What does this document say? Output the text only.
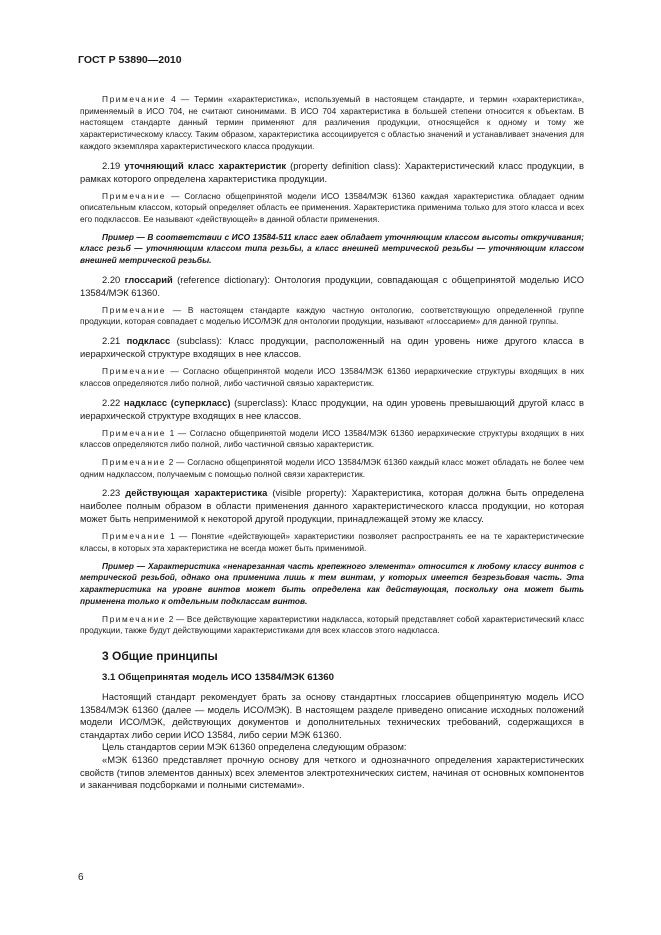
ГОСТ Р 53890—2010

Примечание 4 — Термин «характеристика», используемый в настоящем стандарте, и термин «характеристика», применяемый в ИСО 704, не считают синонимами. В ИСО 704 характеристика в большей степени относится к объектам. В настоящем стандарте данный термин применяют для различения продукции, относящейся к одному и тому же характеристическому классу. Таким образом, характеристика ассоциируется с областью значений и устанавливает значения для каждого экземпляра характеристического класса продукции.

2.19 уточняющий класс характеристик (property definition class): Характеристический класс продукции, в рамках которого определена характеристика продукции.

Примечание — Согласно общепринятой модели ИСО 13584/МЭК 61360 каждая характеристика обладает одним описательным классом, который определяет область ее применения. Характеристика применима только для этого класса и всех его подклассов. Ее называют «действующей» в данной области применения.

Пример — В соответствии с ИСО 13584-511 класс гаек обладает уточняющим классом высоты откручивания; класс резьб — уточняющим классом типа резьбы, а класс внешней метрической резьбы — уточняющим классом внешней метрической резьбы.

2.20 глоссарий (reference dictionary): Онтология продукции, совпадающая с общепринятой моделью ИСО 13584/МЭК 61360.

Примечание — В настоящем стандарте каждую частную онтологию, соответствующую определенной группе продукции, которая совпадает с моделью ИСО/МЭК для онтологии продукции, называют «глоссарием» для данной группы.

2.21 подкласс (subclass): Класс продукции, расположенный на один уровень ниже другого класса в иерархической структуре входящих в нее классов.

Примечание — Согласно общепринятой модели ИСО 13584/МЭК 61360 иерархические структуры входящих в них классов определяются либо полной, либо частичной связью характеристик.

2.22 надкласс (суперкласс) (superclass): Класс продукции, на один уровень превышающий другой класс в иерархической структуре входящих в нее классов.

Примечание 1 — Согласно общепринятой модели ИСО 13584/МЭК 61360 иерархические структуры входящих в них классов определяются либо полной, либо частичной связью характеристик.

Примечание 2 — Согласно общепринятой модели ИСО 13584/МЭК 61360 каждый класс может обладать не более чем одним надклассом, получаемым с помощью полной связи характеристик.

2.23 действующая характеристика (visible property): Характеристика, которая должна быть определена наиболее полным образом в области применения данного характеристического класса продукции, но которая может быть неприменимой к некоторой другой продукции, принадлежащей этому же классу.

Примечание 1 — Понятие «действующей» характеристики позволяет распространять ее на те характеристические классы, в которых эта характеристика не всегда может быть применимой.

Пример — Характеристика «ненарезанная часть крепежного элемента» относится к любому классу винтов с метрической резьбой, однако она применима лишь к тем винтам, у которых имеется безрезьбовая часть. Эта характеристика на уровне винтов может быть определена как действующая, поскольку она может быть применена только к отдельным подклассам винтов.

Примечание 2 — Все действующие характеристики надкласса, который представляет собой характеристический класс продукции, также будут действующими характеристиками для всех классов этого надкласса.

3 Общие принципы

3.1 Общепринятая модель ИСО 13584/МЭК 61360

Настоящий стандарт рекомендует брать за основу стандартных глоссариев общепринятую модель ИСО 13584/МЭК 61360 (далее — модель ИСО/МЭК). В настоящем разделе приведено описание исходных положений модели ИСО/МЭК, действующих документов и дополнительных технических требований, содержащихся в стандартах либо серии ИСО 13584, либо серии МЭК 61360.

Цель стандартов серии МЭК 61360 определена следующим образом:

«МЭК 61360 представляет прочную основу для четкого и однозначного определения характеристических свойств (типов элементов данных) всех элементов электротехнических систем, начиная от основных компонентов и заканчивая подсборками и полными системами».

6
